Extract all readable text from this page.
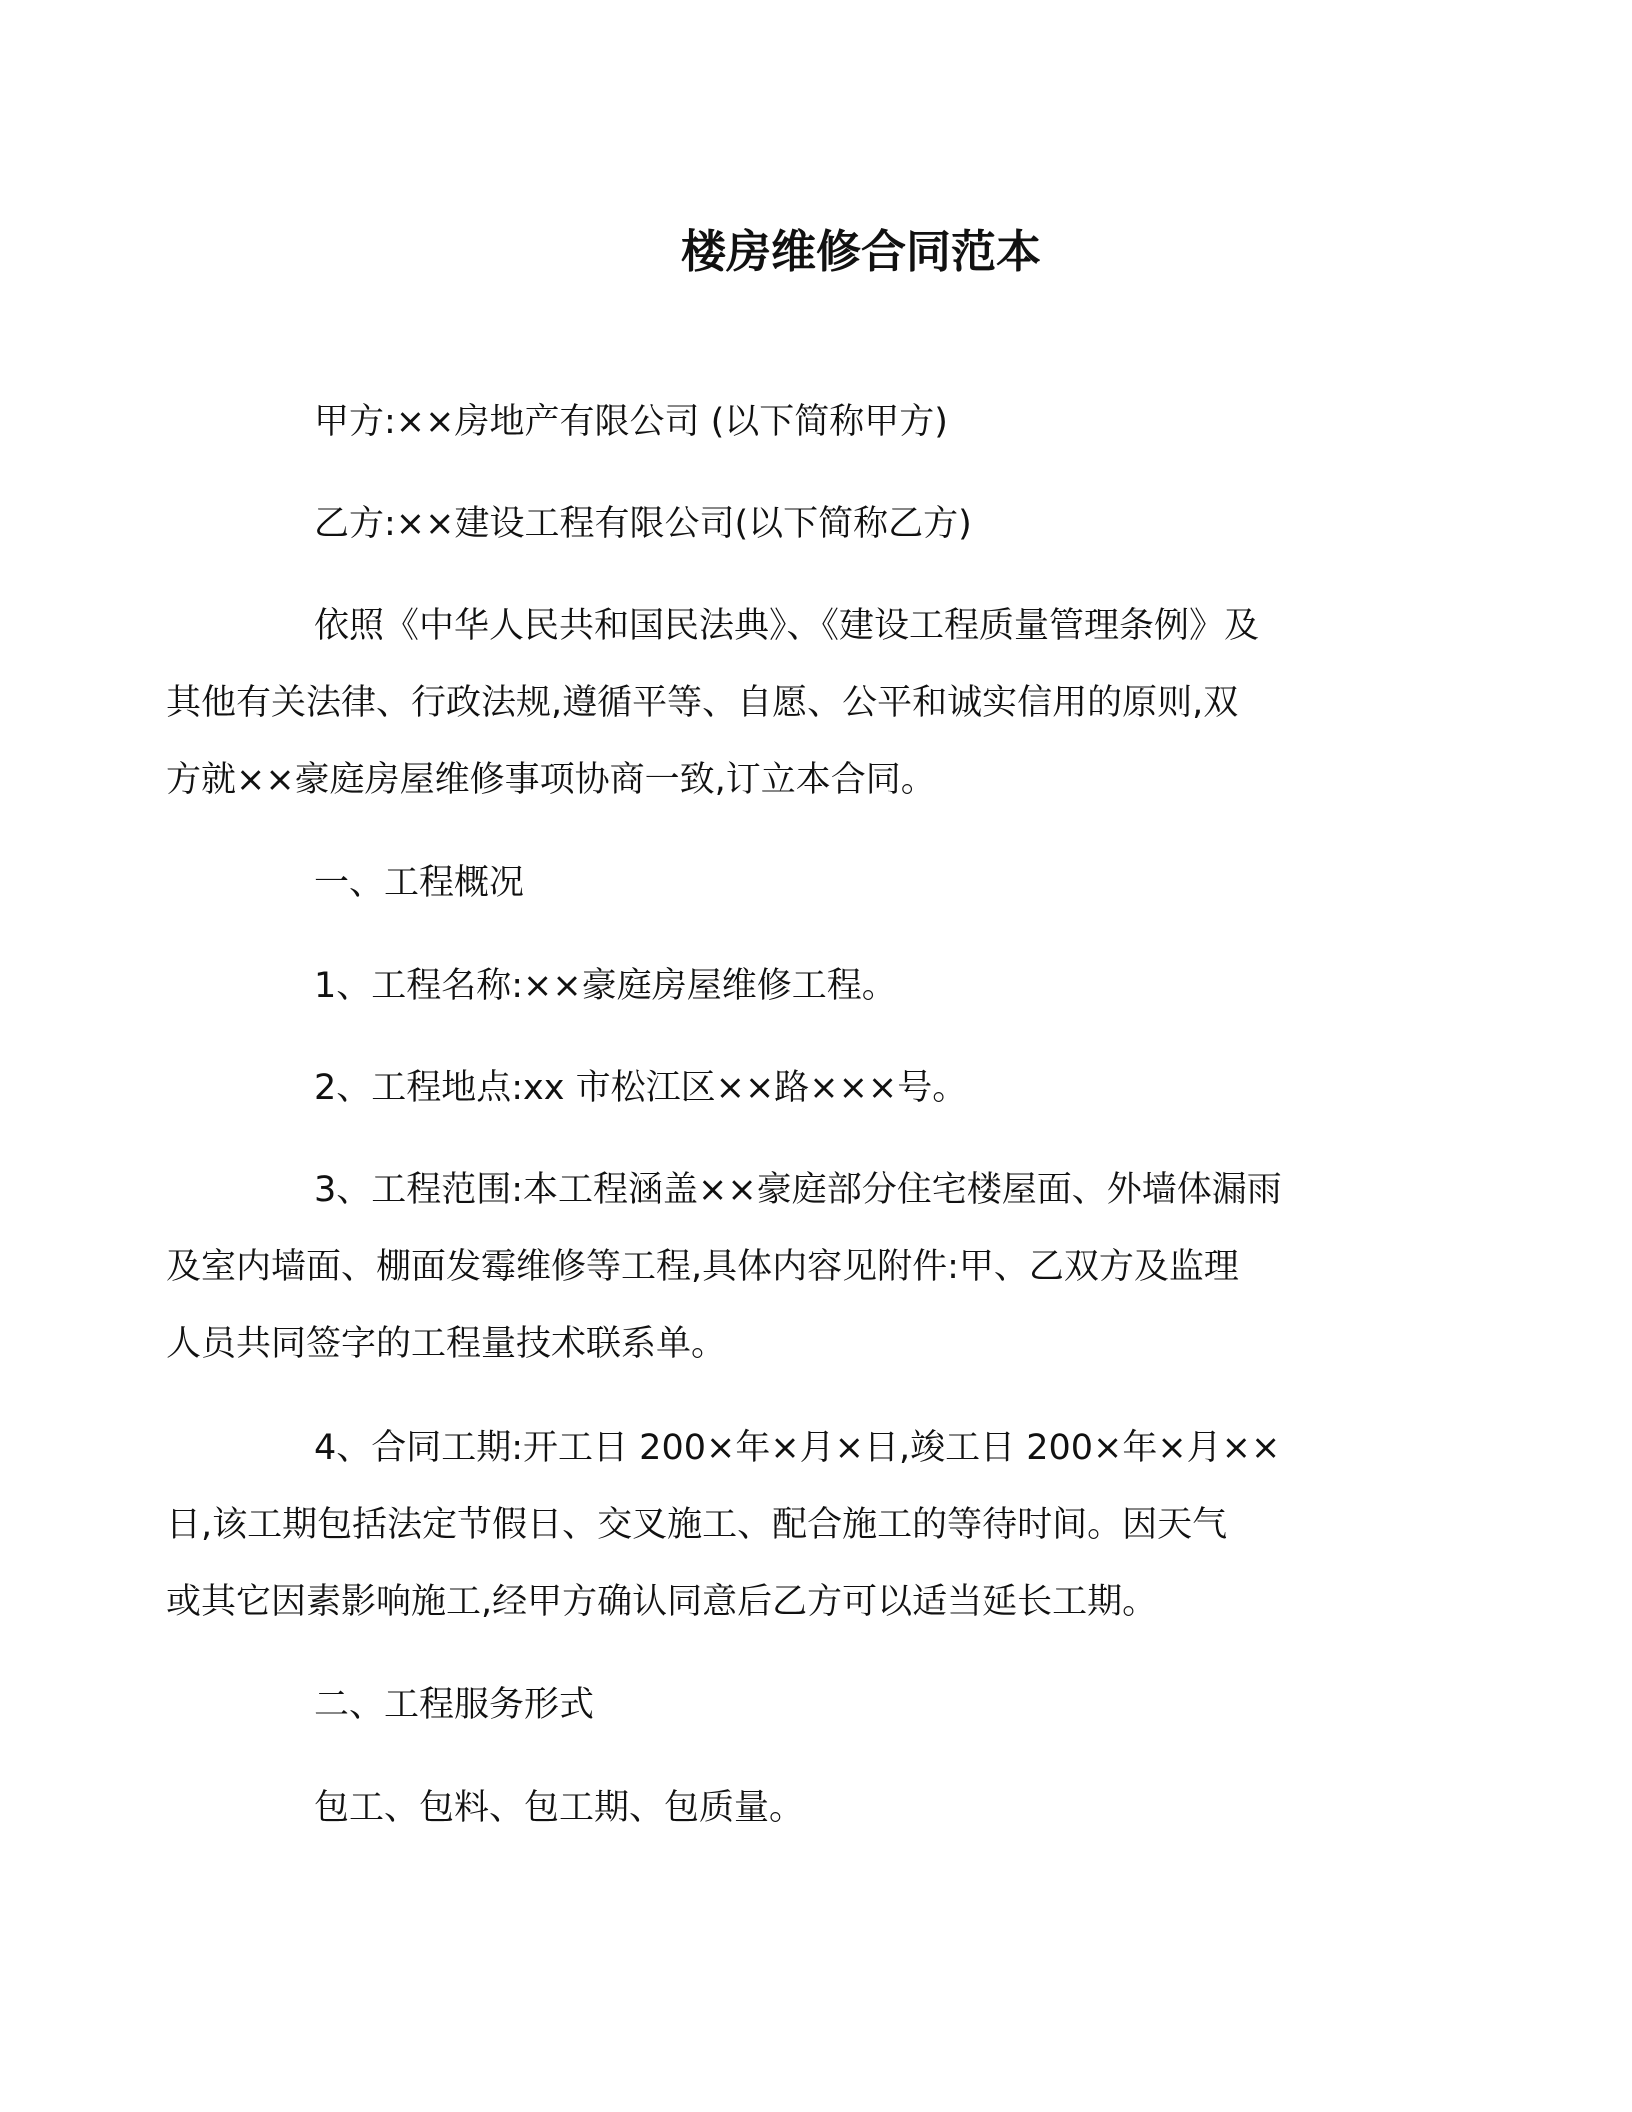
楼房维修合同范本

甲方:××房地产有限公司 (以下简称甲方)

乙方:××建设工程有限公司(以下简称乙方)

依照《中华人民共和国民法典》、《建设工程质量管理条例》及
其他有关法律、行政法规,遵循平等、自愿、公平和诚实信用的原则,双
方就××豪庭房屋维修事项协商一致,订立本合同。

一、工程概况

1、工程名称:××豪庭房屋维修工程。

2、工程地点:xx 市松江区××路×××号。

3、工程范围:本工程涵盖××豪庭部分住宅楼屋面、外墙体漏雨
及室内墙面、棚面发霉维修等工程,具体内容见附件:甲、乙双方及监理
人员共同签字的工程量技术联系单。
4、合同工期:开工日 200×年×月×日,竣工日 200×年×月××
日,该工期包括法定节假日、交叉施工、配合施工的等待时间。因天气
或其它因素影响施工,经甲方确认同意后乙方可以适当延长工期。

二、工程服务形式

包工、包料、包工期、包质量。
